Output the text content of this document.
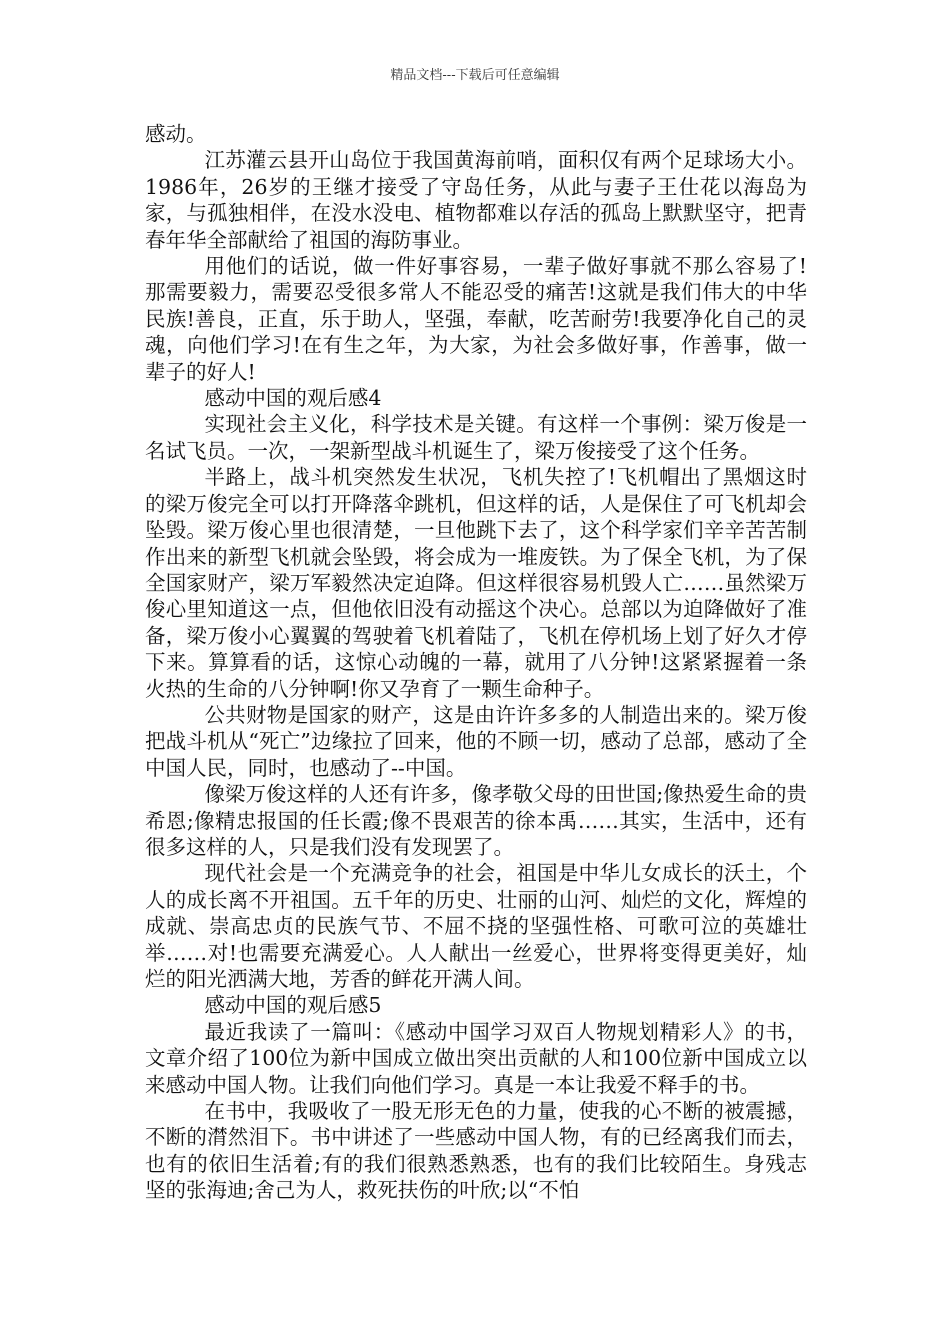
精品文档---下载后可任意编辑

感动。

江苏灌云县开山岛位于我国黄海前哨，面积仅有两个足球场大小。1986年，26岁的王继才接受了守岛任务，从此与妻子王仕花以海岛为家，与孤独相伴，在没水没电、植物都难以存活的孤岛上默默坚守，把青春年华全部献给了祖国的海防事业。

用他们的话说，做一件好事容易，一辈子做好事就不那么容易了!那需要毅力，需要忍受很多常人不能忍受的痛苦!这就是我们伟大的中华民族!善良，正直，乐于助人，坚强，奉献，吃苦耐劳!我要净化自己的灵魂，向他们学习!在有生之年，为大家，为社会多做好事，作善事，做一辈子的好人!

感动中国的观后感4

实现社会主义化，科学技术是关键。有这样一个事例：梁万俊是一名试飞员。一次，一架新型战斗机诞生了，梁万俊接受了这个任务。

半路上，战斗机突然发生状况，飞机失控了!飞机帽出了黑烟这时的梁万俊完全可以打开降落伞跳机，但这样的话，人是保住了可飞机却会坠毁。梁万俊心里也很清楚，一旦他跳下去了，这个科学家们辛辛苦苦制作出来的新型飞机就会坠毁，将会成为一堆废铁。为了保全飞机，为了保全国家财产，梁万军毅然决定迫降。但这样很容易机毁人亡……虽然梁万俊心里知道这一点，但他依旧没有动摇这个决心。总部以为迫降做好了准备，梁万俊小心翼翼的驾驶着飞机着陆了，飞机在停机场上划了好久才停下来。算算看的话，这惊心动魄的一幕，就用了八分钟!这紧紧握着一条火热的生命的八分钟啊!你又孕育了一颗生命种子。

公共财物是国家的财产，这是由许许多多的人制造出来的。梁万俊把战斗机从“死亡”边缘拉了回来，他的不顾一切，感动了总部，感动了全中国人民，同时，也感动了--中国。

像梁万俊这样的人还有许多，像孝敬父母的田世国;像热爱生命的贵希恩;像精忠报国的任长霞;像不畏艰苦的徐本禹……其实，生活中，还有很多这样的人，只是我们没有发现罢了。

现代社会是一个充满竞争的社会，祖国是中华儿女成长的沃土，个人的成长离不开祖国。五千年的历史、壮丽的山河、灿烂的文化，辉煌的成就、崇高忠贞的民族气节、不屈不挠的坚强性格、可歌可泣的英雄壮举……对!也需要充满爱心。人人献出一丝爱心，世界将变得更美好，灿烂的阳光洒满大地，芳香的鲜花开满人间。

感动中国的观后感5

最近我读了一篇叫：《感动中国学习双百人物规划精彩人》的书，文章介绍了100位为新中国成立做出突出贡献的人和100位新中国成立以来感动中国人物。让我们向他们学习。真是一本让我爱不释手的书。

在书中，我吸收了一股无形无色的力量，使我的心不断的被震撼，不断的潸然泪下。书中讲述了一些感动中国人物，有的已经离我们而去，也有的依旧生活着;有的我们很熟悉熟悉，也有的我们比较陌生。身残志坚的张海迪;舍己为人，救死扶伤的叶欣;以“不怕
